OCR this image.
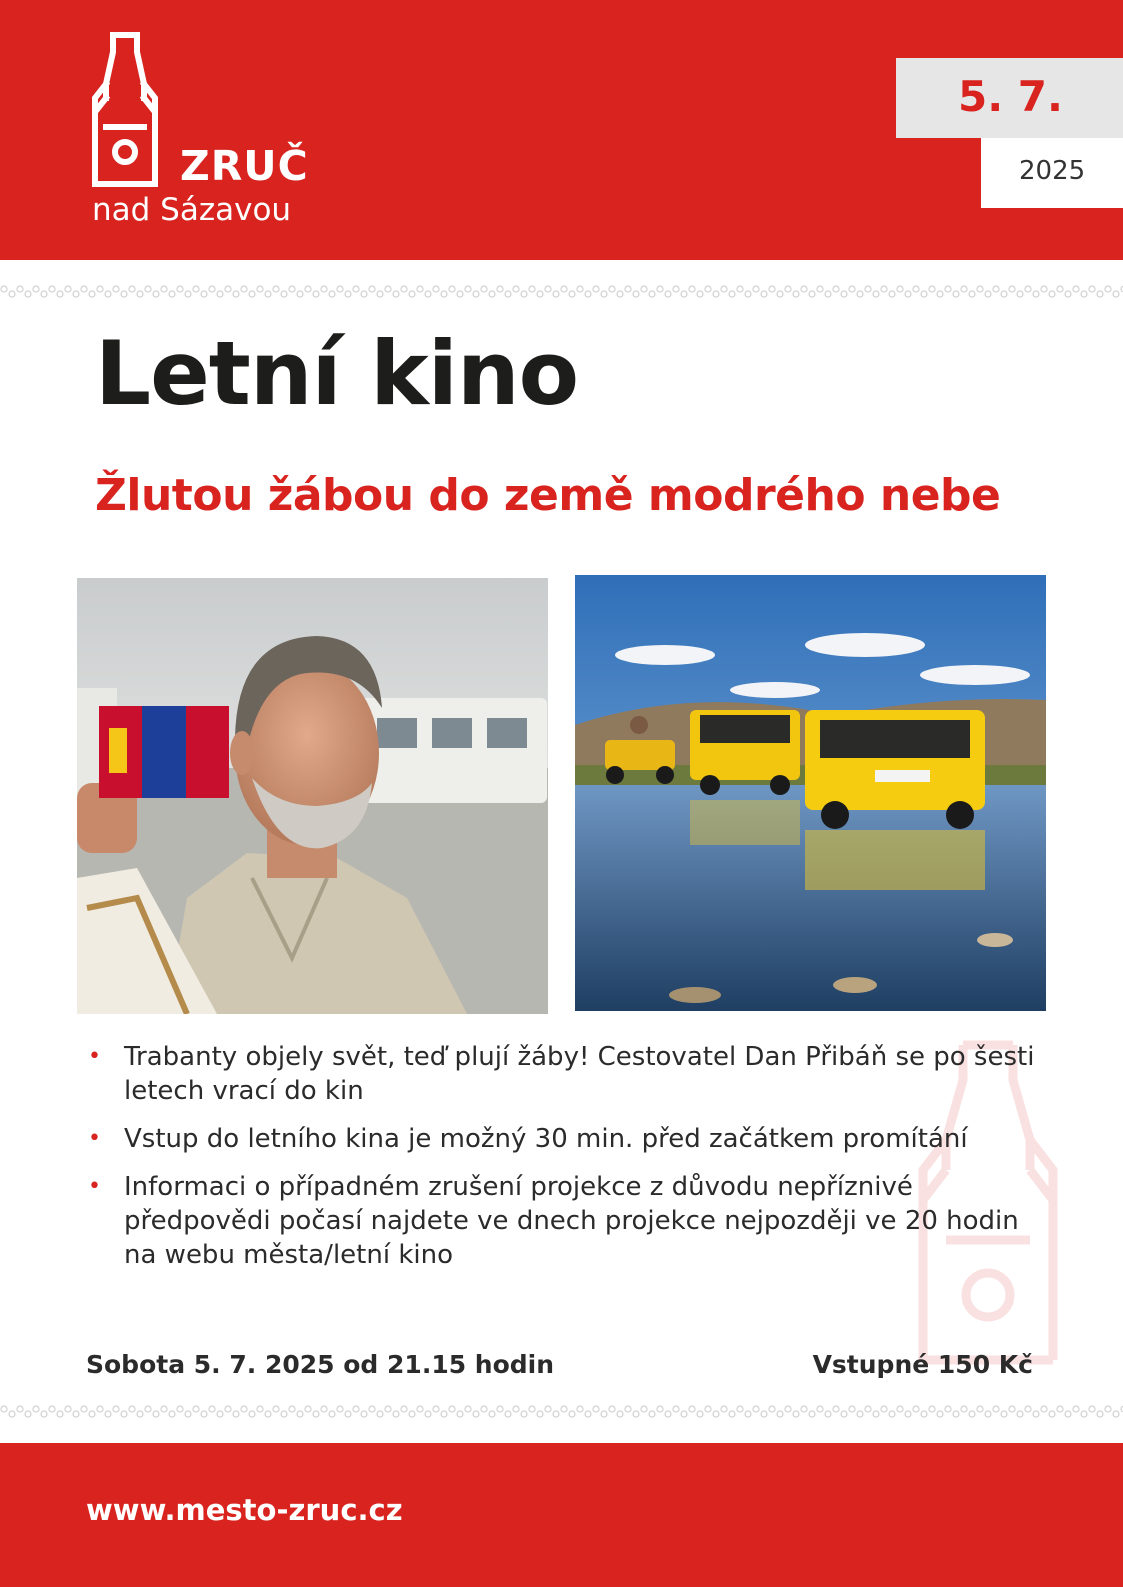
ZRUČ
nad Sázavou
5. 7.
2025
Letní kino
Žlutou žábou do země modrého nebe
• Trabanty objely svět, teď plují žáby! Cestovatel Dan Přibáň se po šesti letech vrací do kin
• Vstup do letního kina je možný 30 min. před začátkem promítání
• Informaci o případném zrušení projekce z důvodu nepříznivé předpovědi počasí najdete ve dnech projekce nejpozději ve 20 hodin na webu města/letní kino
Sobota 5. 7. 2025 od 21.15 hodin	Vstupné 150 Kč
www.mesto-zruc.cz
